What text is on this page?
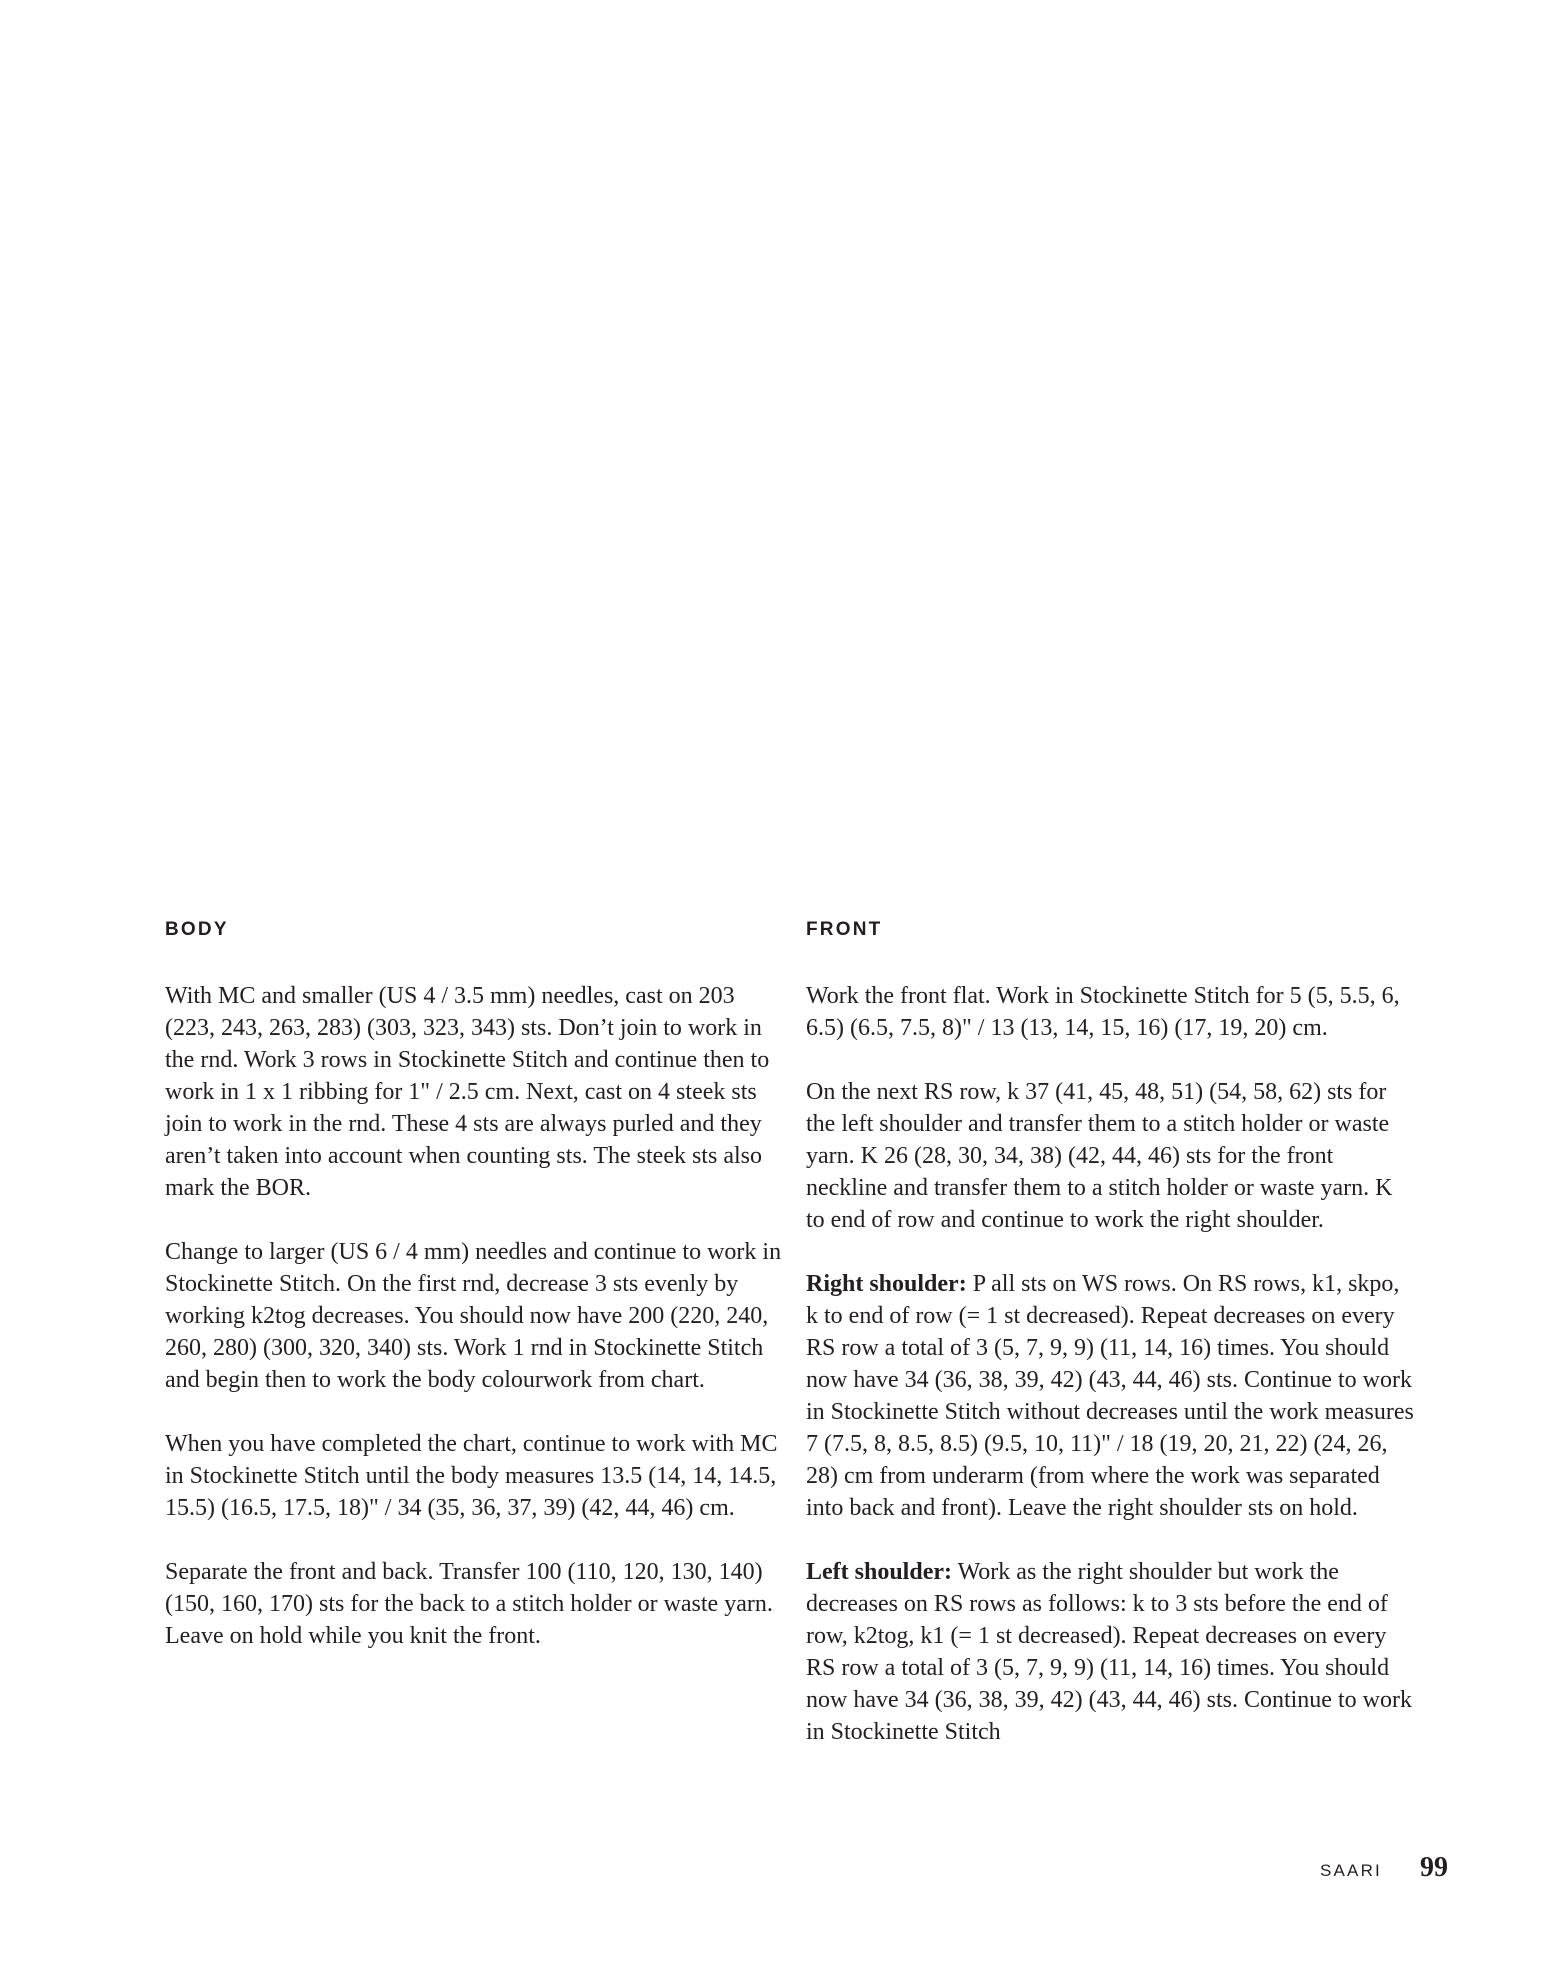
BODY

With MC and smaller (US 4 / 3.5 mm) needles, cast on 203 (223, 243, 263, 283) (303, 323, 343) sts. Don’t join to work in the rnd. Work 3 rows in Stockinette Stitch and continue then to work in 1 x 1 ribbing for 1" / 2.5 cm. Next, cast on 4 steek sts join to work in the rnd. These 4 sts are always purled and they aren’t taken into account when counting sts. The steek sts also mark the BOR.

Change to larger (US 6 / 4 mm) needles and continue to work in Stockinette Stitch. On the first rnd, decrease 3 sts evenly by working k2tog decreases. You should now have 200 (220, 240, 260, 280) (300, 320, 340) sts. Work 1 rnd in Stockinette Stitch and begin then to work the body colourwork from chart.

When you have completed the chart, continue to work with MC in Stockinette Stitch until the body measures 13.5 (14, 14, 14.5, 15.5) (16.5, 17.5, 18)" / 34 (35, 36, 37, 39) (42, 44, 46) cm.

Separate the front and back. Transfer 100 (110, 120, 130, 140) (150, 160, 170) sts for the back to a stitch holder or waste yarn. Leave on hold while you knit the front.

FRONT

Work the front flat. Work in Stockinette Stitch for 5 (5, 5.5, 6, 6.5) (6.5, 7.5, 8)" / 13 (13, 14, 15, 16) (17, 19, 20) cm.

On the next RS row, k 37 (41, 45, 48, 51) (54, 58, 62) sts for the left shoulder and transfer them to a stitch holder or waste yarn. K 26 (28, 30, 34, 38) (42, 44, 46) sts for the front neckline and transfer them to a stitch holder or waste yarn. K to end of row and continue to work the right shoulder.

Right shoulder: P all sts on WS rows. On RS rows, k1, skpo, k to end of row (= 1 st decreased). Repeat decreases on every RS row a total of 3 (5, 7, 9, 9) (11, 14, 16) times. You should now have 34 (36, 38, 39, 42) (43, 44, 46) sts. Continue to work in Stockinette Stitch without decreases until the work measures 7 (7.5, 8, 8.5, 8.5) (9.5, 10, 11)" / 18 (19, 20, 21, 22) (24, 26, 28) cm from underarm (from where the work was separated into back and front). Leave the right shoulder sts on hold.

Left shoulder: Work as the right shoulder but work the decreases on RS rows as follows: k to 3 sts before the end of row, k2tog, k1 (= 1 st decreased). Repeat decreases on every RS row a total of 3 (5, 7, 9, 9) (11, 14, 16) times. You should now have 34 (36, 38, 39, 42) (43, 44, 46) sts. Continue to work in Stockinette Stitch

SAARI 99
